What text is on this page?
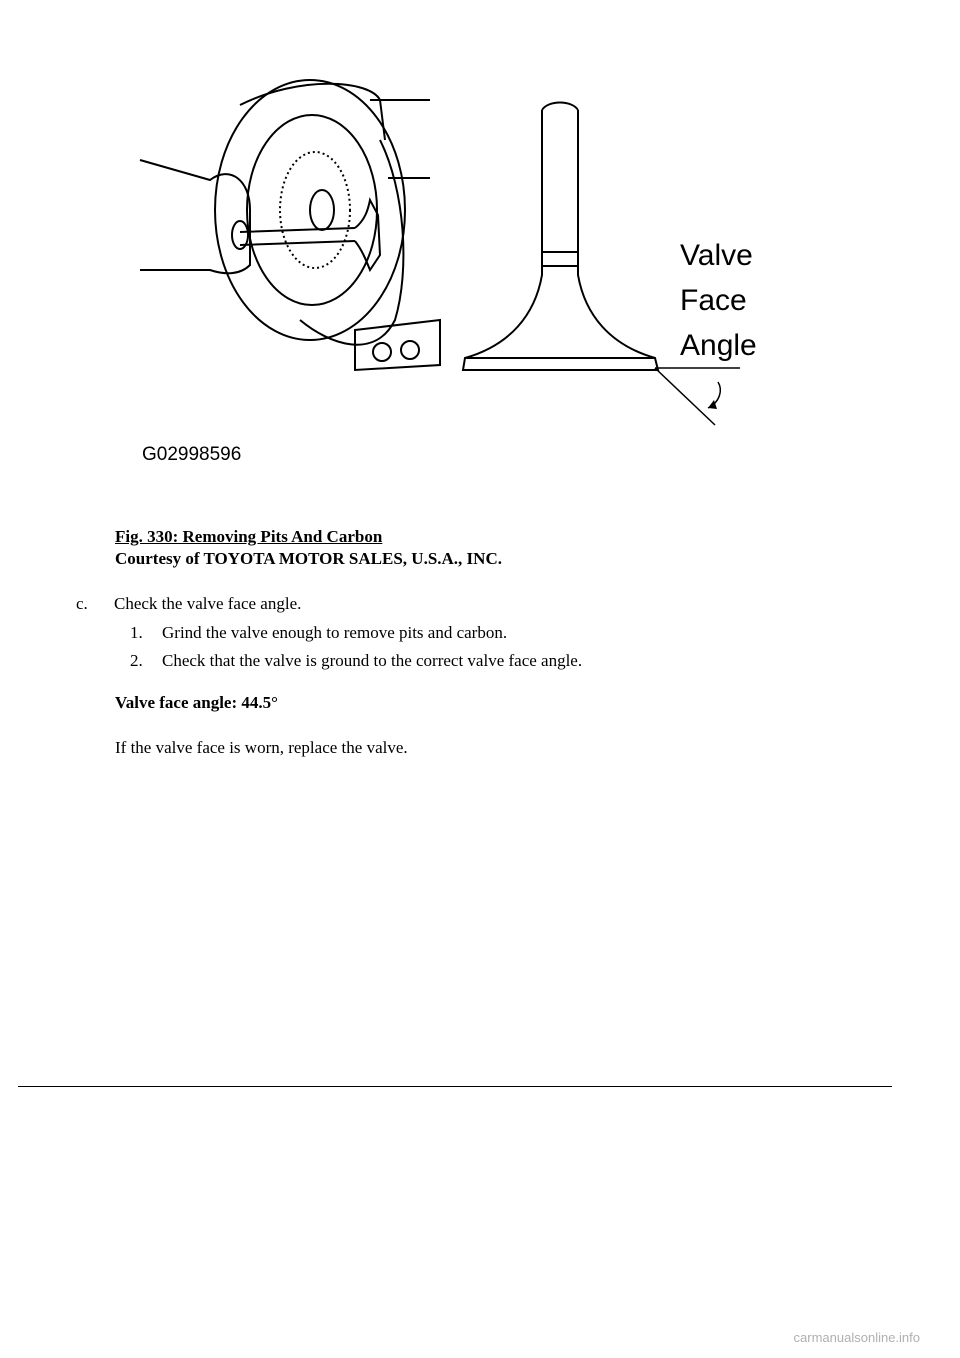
Valve
Face
Angle
G02998596
Fig. 330: Removing Pits And Carbon
Courtesy of TOYOTA MOTOR SALES, U.S.A., INC.
c. Check the valve face angle.
1. Grind the valve enough to remove pits and carbon.
2. Check that the valve is ground to the correct valve face angle.
Valve face angle: 44.5°
If the valve face is worn, replace the valve.
carmanualsonline.info
